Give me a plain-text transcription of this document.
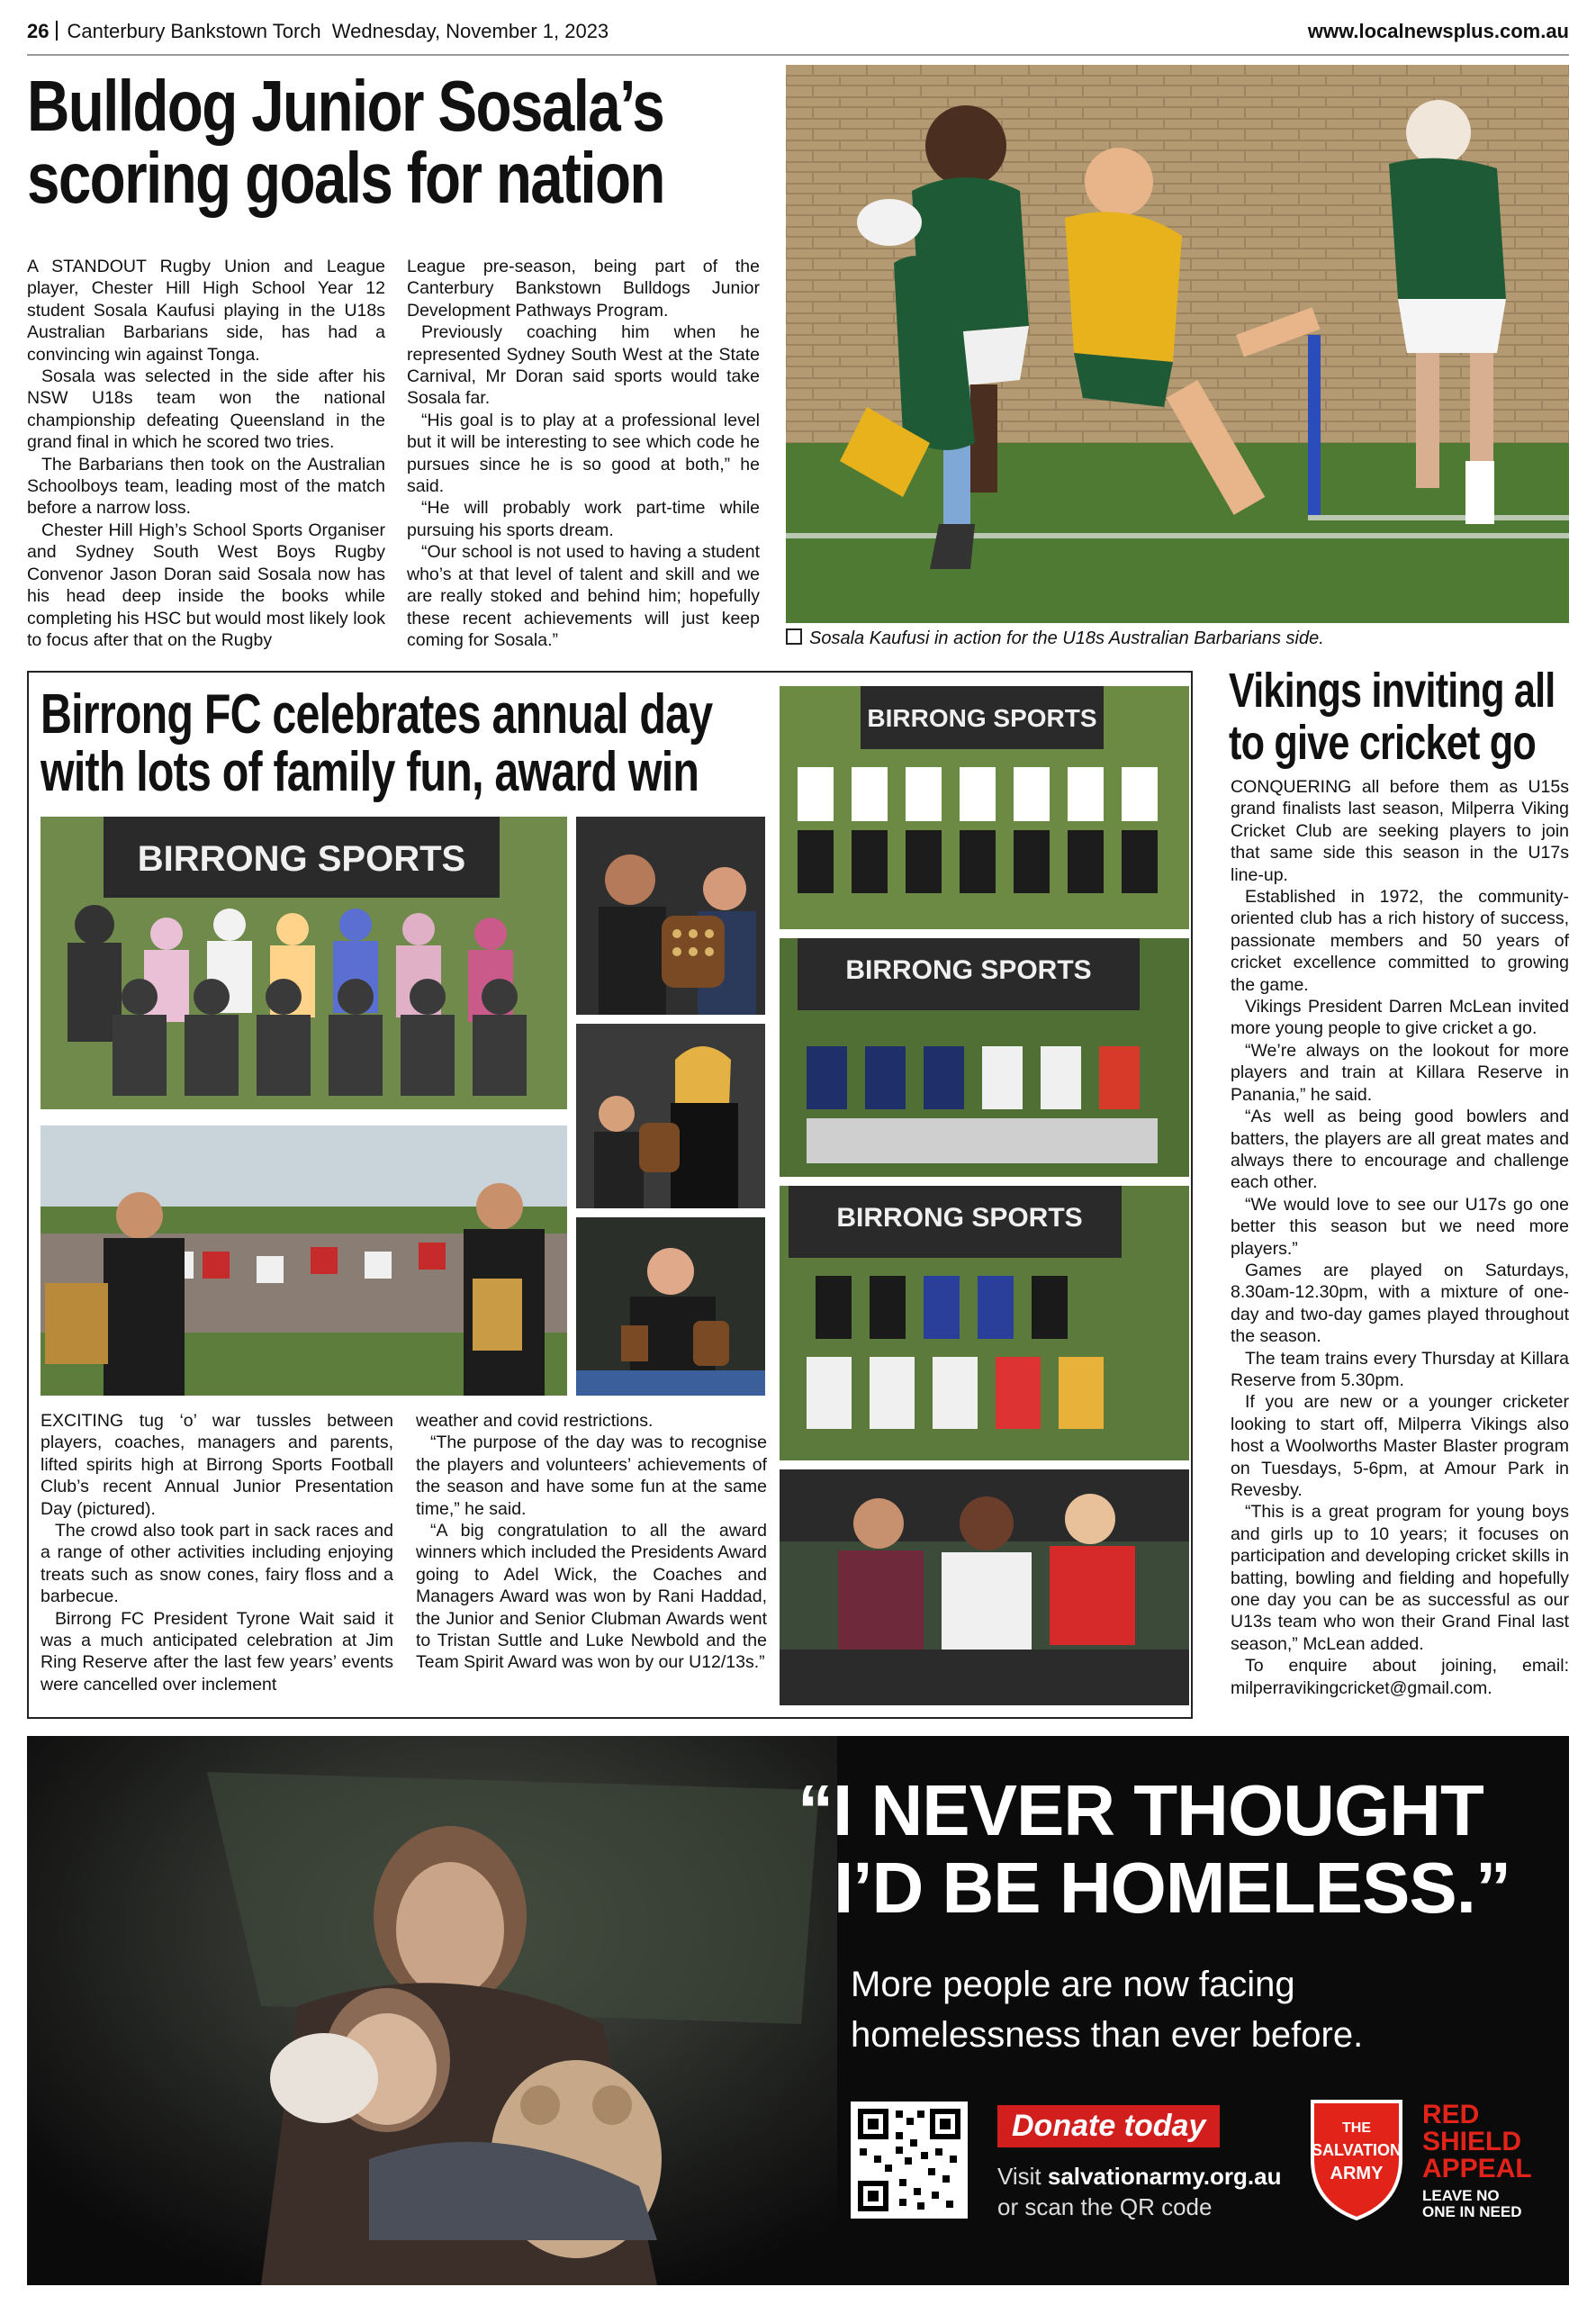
26 Canterbury Bankstown Torch Wednesday, November 1, 2023	www.localnewsplus.com.au
Bulldog Junior Sosala’s
scoring goals for nation

A STANDOUT Rugby Union and League player, Chester Hill High School Year 12 student Sosala Kaufusi playing in the U18s Australian Barbarians side, has had a convincing win against Tonga.

Sosala was selected in the side after his NSW U18s team won the national championship defeating Queensland in the grand final in which he scored two tries.

The Barbarians then took on the Australian Schoolboys team, leading most of the match before a narrow loss.

Chester Hill High’s School Sports Organiser and Sydney South West Boys Rugby Convenor Jason Doran said Sosala now has his head deep inside the books while completing his HSC but would most likely look to focus after that on the Rugby

League pre-season, being part of the Canterbury Bankstown Bulldogs Junior Development Pathways Program.

Previously coaching him when he represented Sydney South West at the State Carnival, Mr Doran said sports would take Sosala far.

“His goal is to play at a professional level but it will be interesting to see which code he pursues since he is so good at both,” he said.

“He will probably work part-time while pursuing his sports dream.

“Our school is not used to having a student who’s at that level of talent and skill and we are really stoked and behind him; hopefully these recent achievements will just keep coming for Sosala.”	Sosala Kaufusi in action for the U18s Australian Barbarians side.
Birrong FC celebrates annual day
with lots of family fun, award win
BIRRONG SPORTS
BIRRONG SPORTS
BIRRONG SPORTS
BIRRONG SPORTS

EXCITING tug ‘o’ war tussles between players, coaches, managers and parents, lifted spirits high at Birrong Sports Football Club’s recent Annual Junior Presentation Day (pictured).

The crowd also took part in sack races and a range of other activities including enjoying treats such as snow cones, fairy floss and a barbecue.

Birrong FC President Tyrone Wait said it was a much anticipated celebration at Jim Ring Reserve after the last few years’ events were cancelled over inclement

weather and covid restrictions.

“The purpose of the day was to recognise the players and volunteers’ achievements of the season and have some fun at the same time,” he said.

“A big congratulation to all the award winners which included the Presidents Award going to Adel Wick, the Coaches and Managers Award was won by Rani Haddad, the Junior and Senior Clubman Awards went to Tristan Suttle and Luke Newbold and the Team Spirit Award was won by our U12/13s.”

Vikings inviting all
to give cricket go

CONQUERING all before them as U15s grand finalists last season, Milperra Viking Cricket Club are seeking players to join that same side this season in the U17s line-up.

Established in 1972, the community-oriented club has a rich history of success, passionate members and 50 years of cricket excellence committed to growing the game.

Vikings President Darren McLean invited more young people to give cricket a go.

“We’re always on the lookout for more players and train at Killara Reserve in Panania,” he said.

“As well as being good bowlers and batters, the players are all great mates and always there to encourage and challenge each other.

“We would love to see our U17s go one better this season but we need more players.”

Games are played on Saturdays, 8.30am-12.30pm, with a mixture of one-day and two-day games played throughout the season.

The team trains every Thursday at Killara Reserve from 5.30pm.

If you are new or a younger cricketer looking to start off, Milperra Vikings also host a Woolworths Master Blaster program on Tuesdays, 5-6pm, at Amour Park in Revesby.

“This is a great program for young boys and girls up to 10 years; it focuses on participation and developing cricket skills in batting, bowling and fielding and hopefully one day you can be as successful as our U13s team who won their Grand Final last season,” McLean added.

To enquire about joining, email: milperravikingcricket@gmail.com.

“I NEVER THOUGHT
I’D BE HOMELESS.”
More people are now facing
homelessness than ever before.
Donate today
Visit salvationarmy.org.au
or scan the QR code
THE
SALVATION
ARMY
RED
SHIELD
APPEAL
LEAVE NO
ONE IN NEED
